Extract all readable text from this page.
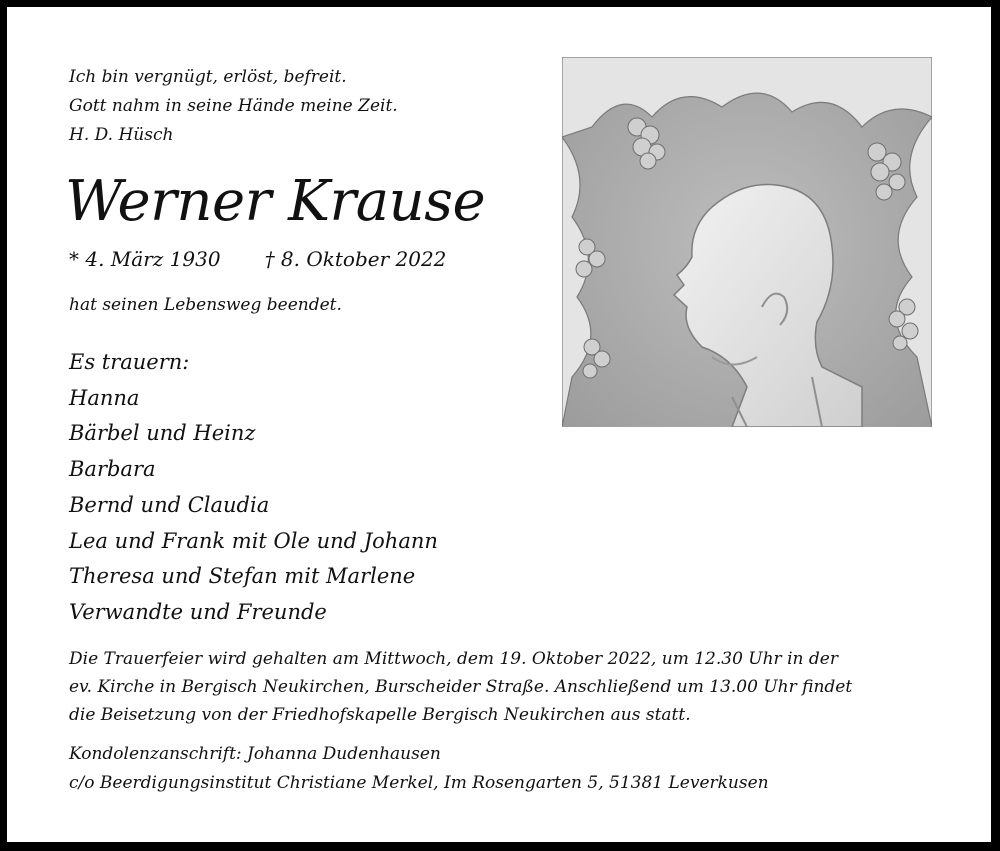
Ich bin vergnügt, erlöst, befreit.
Gott nahm in seine Hände meine Zeit.
H. D. Hüsch
Werner Krause
* 4. März 1930 † 8. Oktober 2022
hat seinen Lebensweg beendet.
Es trauern:
Hanna
Bärbel und Heinz
Barbara
Bernd und Claudia
Lea und Frank mit Ole und Johann
Theresa und Stefan mit Marlene
Verwandte und Freunde
Die Trauerfeier wird gehalten am Mittwoch, dem 19. Oktober 2022, um 12.30 Uhr in der
ev. Kirche in Bergisch Neukirchen, Burscheider Straße. Anschließend um 13.00 Uhr findet
die Beisetzung von der Friedhofskapelle Bergisch Neukirchen aus statt.
Kondolenzanschrift: Johanna Dudenhausen
c/o Beerdigungsinstitut Christiane Merkel, Im Rosengarten 5, 51381 Leverkusen
